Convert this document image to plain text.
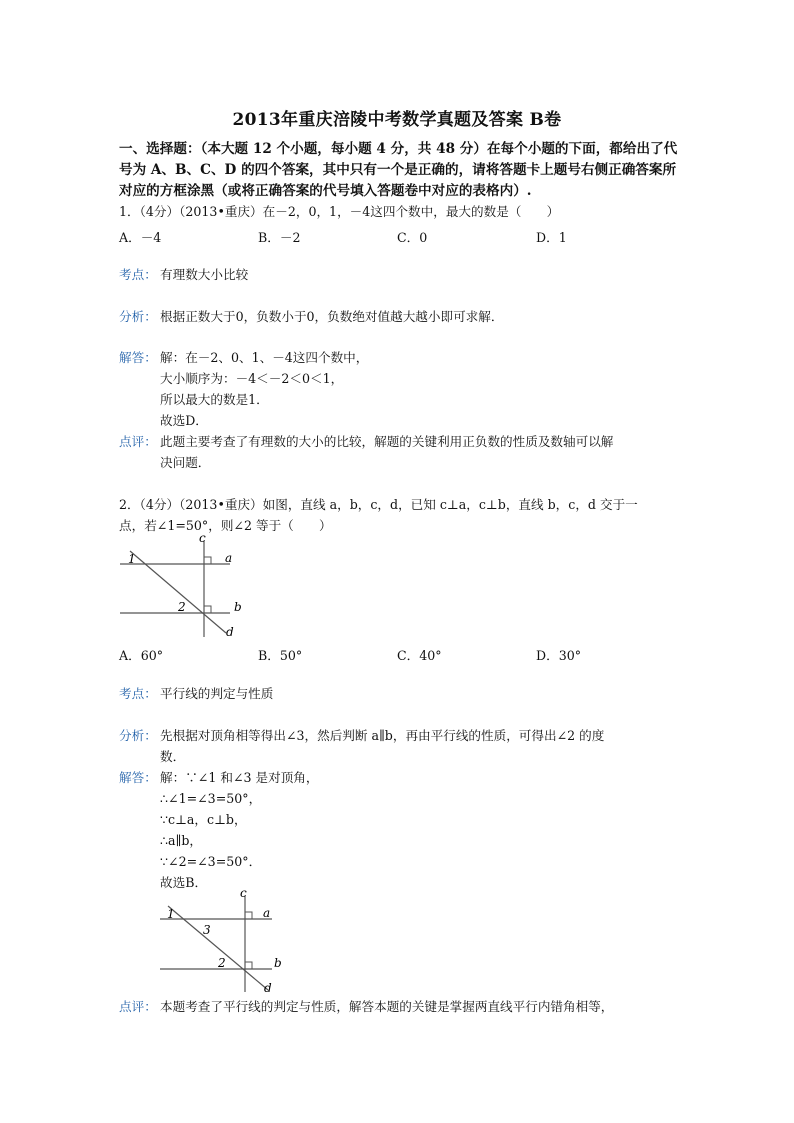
2013年重庆涪陵中考数学真题及答案 B卷
一、选择题：（本大题 12 个小题，每小题 4 分，共 48 分）在每个小题的下面，都给出了代号为 A、B、C、D 的四个答案，其中只有一个是正确的，请将答题卡上题号右侧正确答案所对应的方框涂黑（或将正确答案的代号填入答题卷中对应的表格内）.
1．（4分）（2013•重庆）在－2，0，1，－4这四个数中，最大的数是（　　）
A．－4	B．－2	C．0	D．1
考点： 有理数大小比较
分析： 根据正数大于0，负数小于0，负数绝对值越大越小即可求解．
解答： 解：在－2、0、1、－4这四个数中，
大小顺序为：－4＜－2＜0＜1，
所以最大的数是1．
故选D．
点评： 此题主要考查了有理数的大小的比较，解题的关键利用正负数的性质及数轴可以解
决问题．
2．（4分）（2013•重庆）如图，直线 a，b，c，d，已知 c⊥a，c⊥b，直线 b，c，d 交于一
点，若∠1=50°，则∠2 等于（　　）
c
a
b
d
1
2
A．60°	B．50°	C．40°	D．30°
考点： 平行线的判定与性质
分析： 先根据对顶角相等得出∠3，然后判断 a∥b，再由平行线的性质，可得出∠2 的度
数．
解答： 解：∵∠1 和∠3 是对顶角，
∴∠1=∠3=50°，
∵c⊥a，c⊥b，
∴a∥b，
∵∠2=∠3=50°．
故选B．
c
a
b
d
1
3
2
点评： 本题考查了平行线的判定与性质，解答本题的关键是掌握两直线平行内错角相等，
